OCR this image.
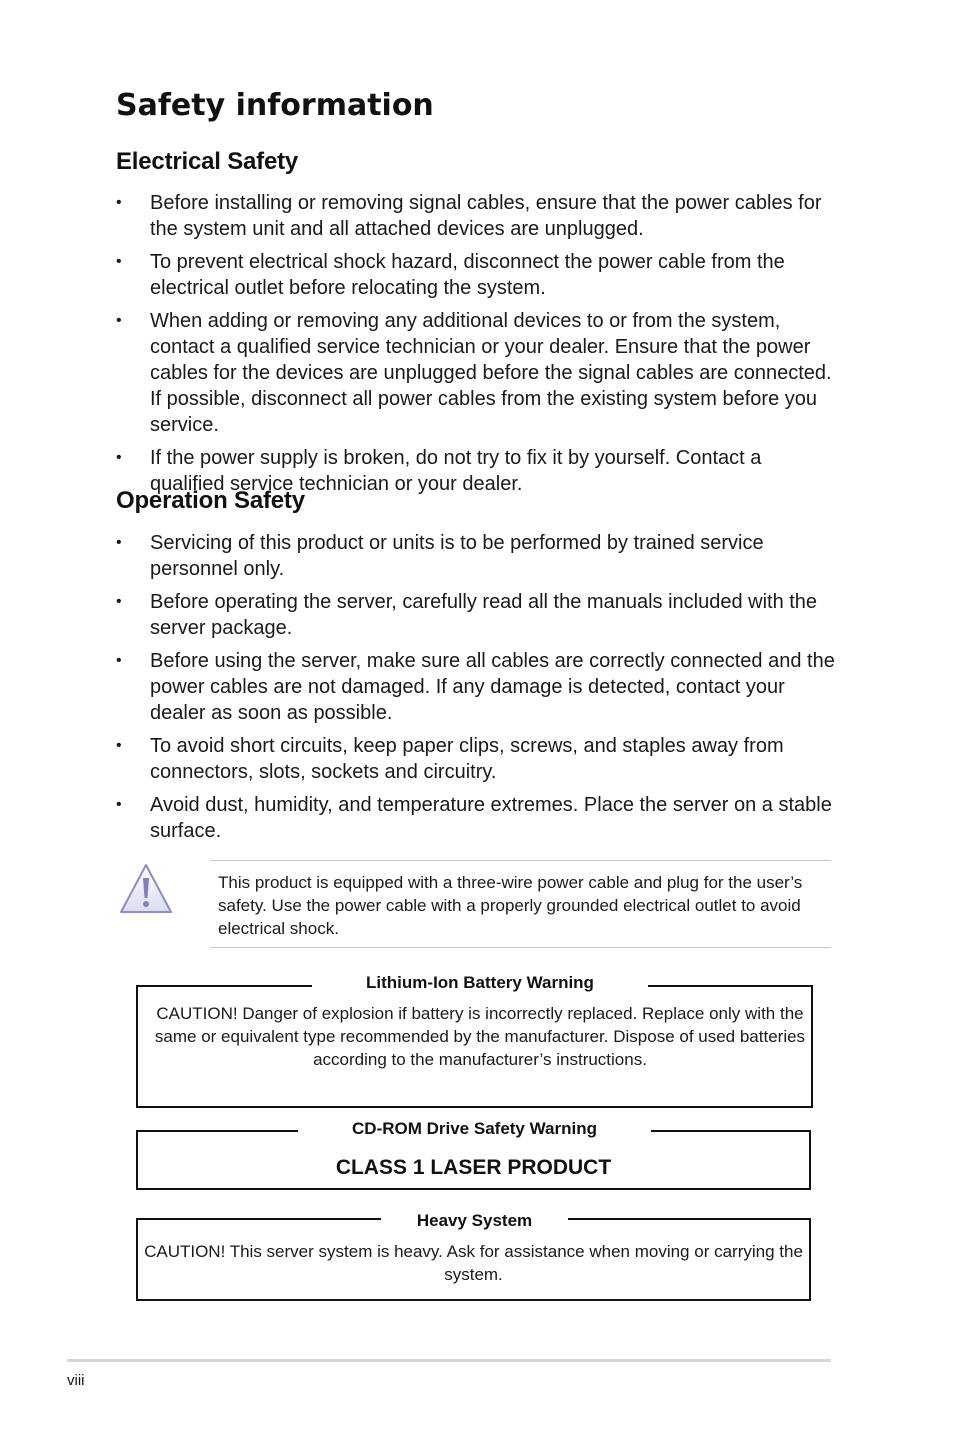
Safety information
Electrical Safety
• Before installing or removing signal cables, ensure that the power cables for the system unit and all attached devices are unplugged.
• To prevent electrical shock hazard, disconnect the power cable from the electrical outlet before relocating the system.
• When adding or removing any additional devices to or from the system, contact a qualified service technician or your dealer. Ensure that the power cables for the devices are unplugged before the signal cables are connected. If possible, disconnect all power cables from the existing system before you service.
• If the power supply is broken, do not try to fix it by yourself. Contact a qualified service technician or your dealer.
Operation Safety
• Servicing of this product or units is to be performed by trained service personnel only.
• Before operating the server, carefully read all the manuals included with the server package.
• Before using the server, make sure all cables are correctly connected and the power cables are not damaged. If any damage is detected, contact your dealer as soon as possible.
• To avoid short circuits, keep paper clips, screws, and staples away from connectors, slots, sockets and circuitry.
• Avoid dust, humidity, and temperature extremes. Place the server on a stable surface.
This product is equipped with a three-wire power cable and plug for the user’s safety. Use the power cable with a properly grounded electrical outlet to avoid electrical shock.
Lithium-Ion Battery Warning
CAUTION! Danger of explosion if battery is incorrectly replaced. Replace only with the same or equivalent type recommended by the manufacturer. Dispose of used batteries according to the manufacturer’s instructions.
CD-ROM Drive Safety Warning
CLASS 1 LASER PRODUCT
Heavy System
CAUTION! This server system is heavy. Ask for assistance when moving or carrying the system.
viii
